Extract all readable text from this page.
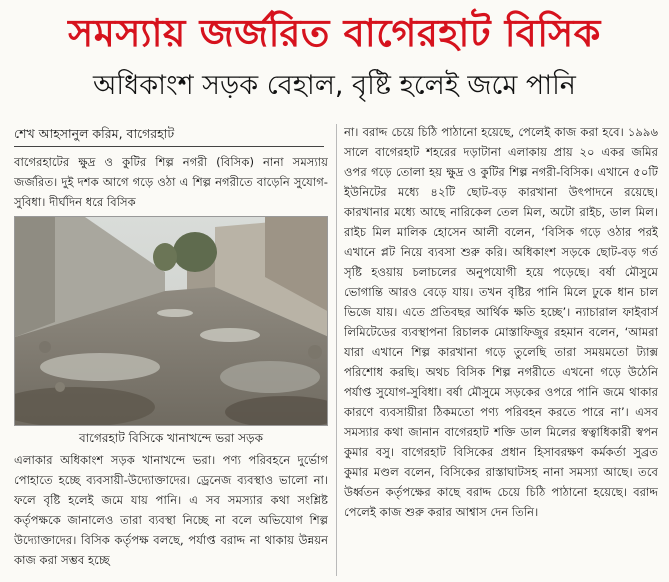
সমস্যায় জর্জরিত বাগেরহাট বিসিক
অধিকাংশ সড়ক বেহাল, বৃষ্টি হলেই জমে পানি
শেখ আহসানুল করিম, বাগেরহাট
বাগেরহাটের ক্ষুদ্র ও কুটির শিল্প নগরী (বিসিক) নানা সমস্যায় জর্জরিত। দুই দশক আগে গড়ে ওঠা এ শিল্প নগরীতে বাড়েনি সুযোগ-সুবিধা। দীর্ঘদিন ধরে বিসিক
বাগেরহাট বিসিকে খানাখন্দে ভরা সড়ক
এলাকার অধিকাংশ সড়ক খানাখন্দে ভরা। পণ্য পরিবহনে দুর্ভোগ পোহাতে হচ্ছে ব্যবসায়ী-উদ্যোক্তাদের। ড্রেনেজ ব্যবস্থাও ভালো না। ফলে বৃষ্টি হলেই জমে যায় পানি। এ সব সমস্যার কথা সংশ্লিষ্ট কর্তৃপক্ষকে জানালেও তারা ব্যবস্থা নিচ্ছে না বলে অভিযোগ শিল্প উদ্যোক্তাদের। বিসিক কর্তৃপক্ষ বলছে, পর্যাপ্ত বরাদ্দ না থাকায় উন্নয়ন কাজ করা সম্ভব হচ্ছে
না। বরাদ্দ চেয়ে চিঠি পাঠানো হয়েছে, পেলেই কাজ করা হবে। ১৯৯৬ সালে বাগেরহাট শহরের দড়াটানা এলাকায় প্রায় ২০ একর জমির ওপর গড়ে তোলা হয় ক্ষুদ্র ও কুটির শিল্প নগরী-বিসিক। এখানে ৫০টি ইউনিটের মধ্যে ৪২টি ছোট-বড় কারখানা উৎপাদনে রয়েছে। কারখানার মধ্যে আছে নারিকেল তেল মিল, অটো রাইচ, ডাল মিল। রাইচ মিল মালিক হোসেন আলী বলেন, ‘বিসিক গড়ে ওঠার পরই এখানে প্লট নিয়ে ব্যবসা শুরু করি। অধিকাংশ সড়কে ছোট-বড় গর্ত সৃষ্টি হওয়ায় চলাচলের অনুপযোগী হয়ে পড়েছে। বর্ষা মৌসুমে ভোগান্তি আরও বেড়ে যায়। তখন বৃষ্টির পানি মিলে ঢুকে ধান চাল ভিজে যায়। এতে প্রতিবছর আর্থিক ক্ষতি হচ্ছে’। ন্যাচারাল ফাইবার্স লিমিটেডের ব্যবস্থাপনা রিচালক মোস্তাফিজুর রহমান বলেন, ‘আমরা যারা এখানে শিল্প কারখানা গড়ে তুলেছি তারা সময়মতো ট্যাক্স পরিশোধ করছি। অথচ বিসিক শিল্প নগরীতে এখনো গড়ে উঠেনি পর্যাপ্ত সুযোগ-সুবিধা। বর্ষা মৌসুমে সড়কের ওপরে পানি জমে থাকার কারণে ব্যবসায়ীরা ঠিকমতো পণ্য পরিবহন করতে পারে না’। এসব সমস্যার কথা জানান বাগেরহাট শক্তি ডাল মিলের স্বত্বাধিকারী স্বপন কুমার বসু। বাগেরহাট বিসিকের প্রধান হিসাবরক্ষণ কর্মকর্তা সুব্রত কুমার মণ্ডল বলেন, বিসিকের রাস্তাঘাটসহ নানা সমস্যা আছে। তবে উর্ধ্বতন কর্তৃপক্ষের কাছে বরাদ্দ চেয়ে চিঠি পাঠানো হয়েছে। বরাদ্দ পেলেই কাজ শুরু করার আশ্বাস দেন তিনি।
